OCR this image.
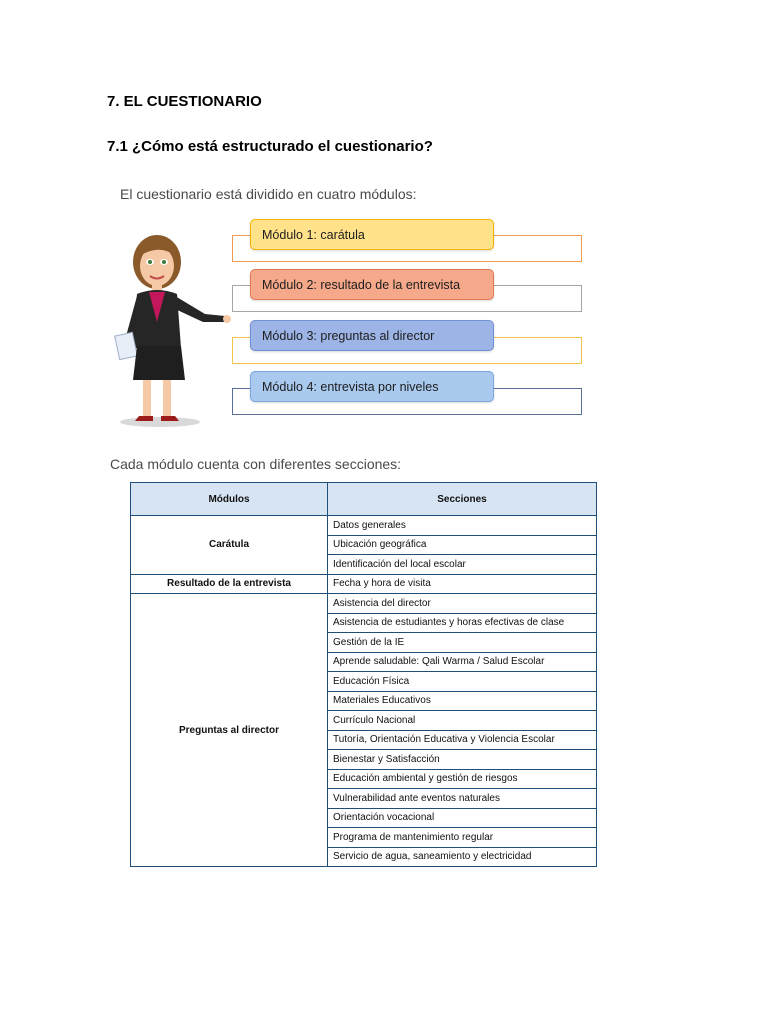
7. EL CUESTIONARIO
7.1 ¿Cómo está estructurado el cuestionario?
El cuestionario está dividido en cuatro módulos:
Módulo 1: carátula
Módulo 2: resultado de la entrevista
Módulo 3: preguntas al director
Módulo 4: entrevista por niveles
Cada módulo cuenta con diferentes secciones:
Módulos	Secciones
Carátula	Datos generales
	Ubicación geográfica
	Identificación del local escolar
Resultado de la entrevista	Fecha y hora de visita
Preguntas al director	Asistencia del director
	Asistencia de estudiantes y horas efectivas de clase
	Gestión de la IE
	Aprende saludable: Qali Warma / Salud Escolar
	Educación Física
	Materiales Educativos
	Currículo Nacional
	Tutoría, Orientación Educativa y Violencia Escolar
	Bienestar y Satisfacción
	Educación ambiental y gestión de riesgos
	Vulnerabilidad ante eventos naturales
	Orientación vocacional
	Programa de mantenimiento regular
	Servicio de agua, saneamiento y electricidad
